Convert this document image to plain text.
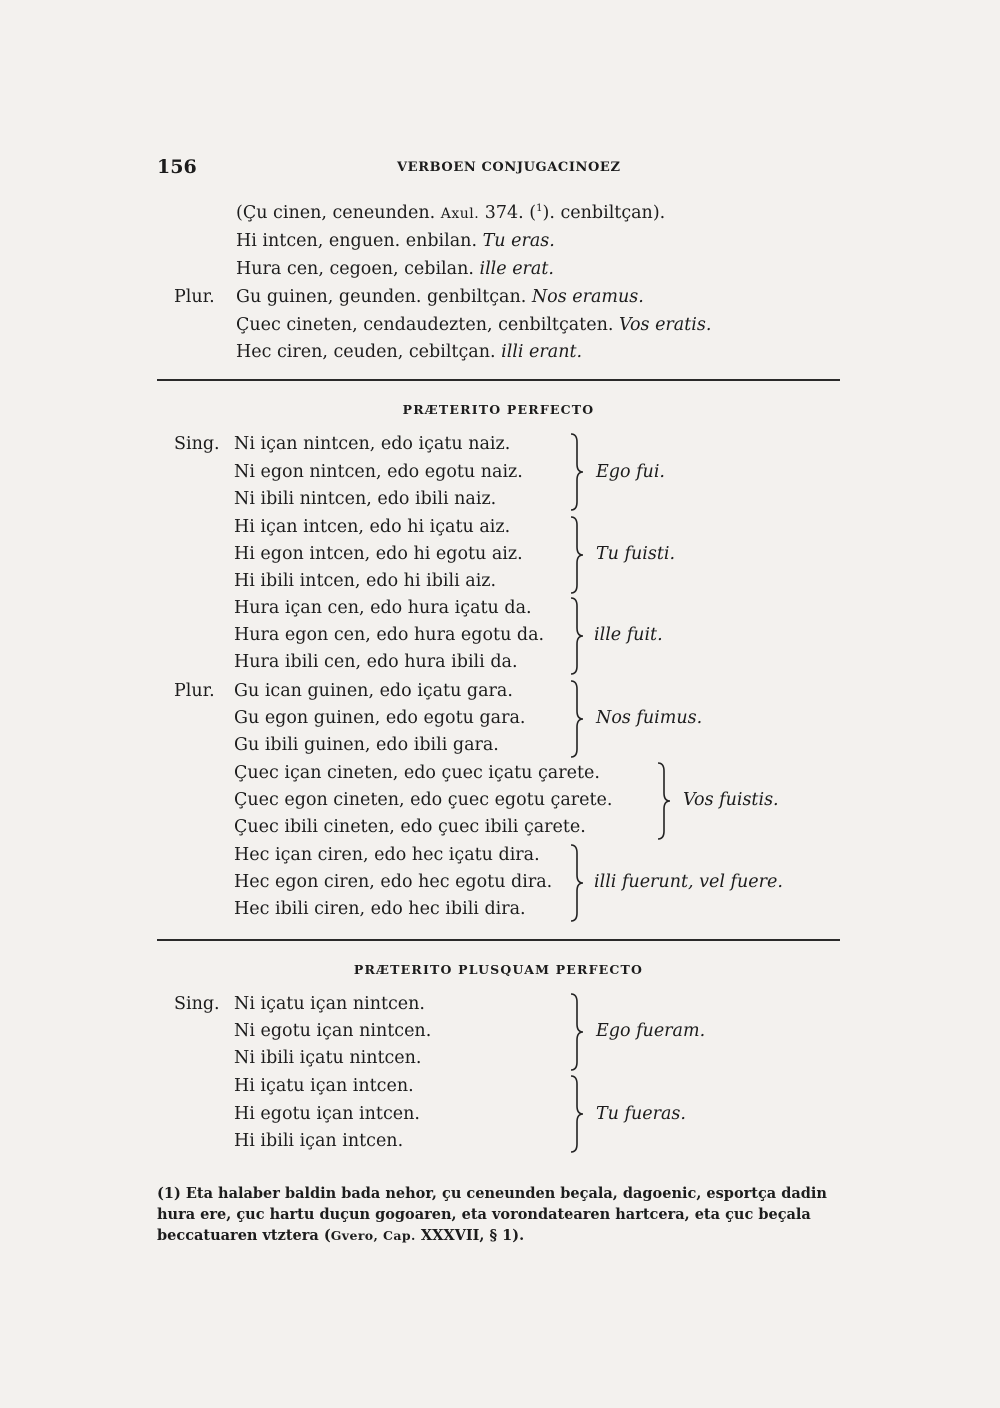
156	VERBOEN CONJUGACINOEZ
(Çu cinen, ceneunden. Axul. 374. ($^1$). cenbiltçan).
Hi intcen, enguen. enbilan. Tu eras.
Hura cen, cegoen, cebilan. ille erat.
Plur. Gu guinen, geunden. genbiltçan. Nos eramus.
Çuec cineten, cendaudezten, cenbiltçaten. Vos eratis.
Hec ciren, ceuden, cebiltçan. illi erant.
PRÆTERITO PERFECTO
Sing. Ni içan nintcen, edo içatu naiz.
Ni egon nintcen, edo egotu naiz.
Ni ibili nintcen, edo ibili naiz.
Ego fui.
Hi içan intcen, edo hi içatu aiz.
Hi egon intcen, edo hi egotu aiz.
Hi ibili intcen, edo hi ibili aiz.
Tu fuisti.
Hura içan cen, edo hura içatu da.
Hura egon cen, edo hura egotu da.
Hura ibili cen, edo hura ibili da.
ille fuit.
Plur. Gu ican guinen, edo içatu gara.
Gu egon guinen, edo egotu gara.
Gu ibili guinen, edo ibili gara.
Nos fuimus.
Çuec içan cineten, edo çuec içatu çarete.
Çuec egon cineten, edo çuec egotu çarete.
Çuec ibili cineten, edo çuec ibili çarete.
Vos fuistis.
Hec içan ciren, edo hec içatu dira.
Hec egon ciren, edo hec egotu dira.
Hec ibili ciren, edo hec ibili dira.
illi fuerunt, vel fuere.
PRÆTERITO PLUSQUAM PERFECTO
Sing. Ni içatu içan nintcen.
Ni egotu içan nintcen.
Ni ibili içatu nintcen.
Ego fueram.
Hi içatu içan intcen.
Hi egotu içan intcen.
Hi ibili içan intcen.
Tu fueras.

(1) Eta halaber baldin bada nehor, çu ceneunden beçala, dagoenic, esportça dadin hura ere, çuc hartu duçun gogoaren, eta vorondatearen hartcera, eta çuc beçala beccatuaren vtztera (Gvero, Cap. XXXVII, § 1).
